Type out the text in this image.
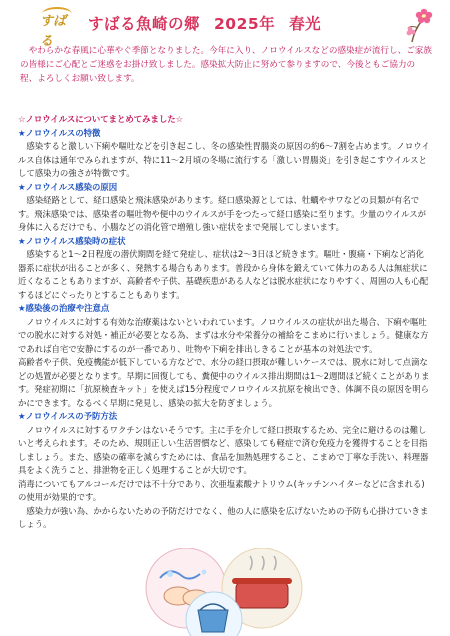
すばる
すばる魚崎の郷 2025年 春光
やわらかな春風に心華やぐ季節となりました。今年に入り、ノロウイルスなどの感染症が流行し、ご家族の皆様にご心配とご迷惑をお掛け致しました。感染拡大防止に努めて参りますので、今後ともご協力の程、よろしくお願い致します。
☆ノロウイルスについてまとめてみました☆
★ノロウイルスの特徴
感染すると激しい下痢や嘔吐などを引き起こし、冬の感染性胃腸炎の原因の約6～7割を占めます。ノロウイルス自体は通年でみられますが、特に11～2月頃の冬場に流行する「激しい胃腸炎」を引き起こすウイルスとして感染力の強さが特徴です。
★ノロウイルス感染の原因
感染経路として、経口感染と飛沫感染があります。経口感染源としては、牡蠣やサワなどの貝類が有名です。飛沫感染では、感染者の嘔吐物や便中のウイルスが手をつたって経口感染に至ります。少量のウイルスが身体に入るだけでも、小腸などの消化管で増殖し強い症状をまで発展してしまいます。
★ノロウイルス感染時の症状
感染すると1～2日程度の潜伏期間を経て発症し、症状は2～3日ほど続きます。嘔吐・腹痛・下痢など消化器系に症状が出ることが多く、発熱する場合もあります。普段から身体を鍛えていて体力のある人は無症状に近くなることもありますが、高齢者や子供、基礎疾患がある人などは脱水症状になりやすく、周囲の人も心配するほどにぐったりとすることもあります。
★感染後の治療や注意点
ノロウイルスに対する有効な治療薬はないといわれています。ノロウイルスの症状が出た場合、下痢や嘔吐での脱水に対する対処・補正が必要となる為、まずは水分や栄養分の補給をこまめに行いましょう。健康な方であれば自宅で安静にするのが一番であり、吐物や下痢を排出しきることが基本の対処法です。
高齢者や子供、免疫機能が低下している方などで、水分の経口摂取が難しいケースでは、脱水に対して点滴などの処置が必要となります。早期に回復しても、糞便中のウイルス排出期間は1～2週間ほど続くことがあります。発症初期に「抗原検査キット」を使えば15分程度でノロウイルス抗原を検出でき、体調不良の原因を明らかにできます。なるべく早期に発見し、感染の拡大を防ぎましょう。
★ノロウイルスの予防方法
ノロウイルスに対するワクチンはないそうです。主に手を介して経口摂取するため、完全に避けるのは難しいと考えられます。そのため、規則正しい生活習慣など、感染しても軽症で済む免疫力を獲得することを目指しましょう。また、感染の確率を減らすためには、食品を加熱処理すること、こまめで丁寧な手洗い、料理器具をよく洗うこと、排泄物を正しく処理することが大切です。
消毒についてもアルコールだけでは不十分であり、次亜塩素酸ナトリウム(キッチンハイターなどに含まれる)の使用が効果的です。
感染力が強い為、かからないための予防だけでなく、他の人に感染を広げないための予防も心掛けていきましょう。
